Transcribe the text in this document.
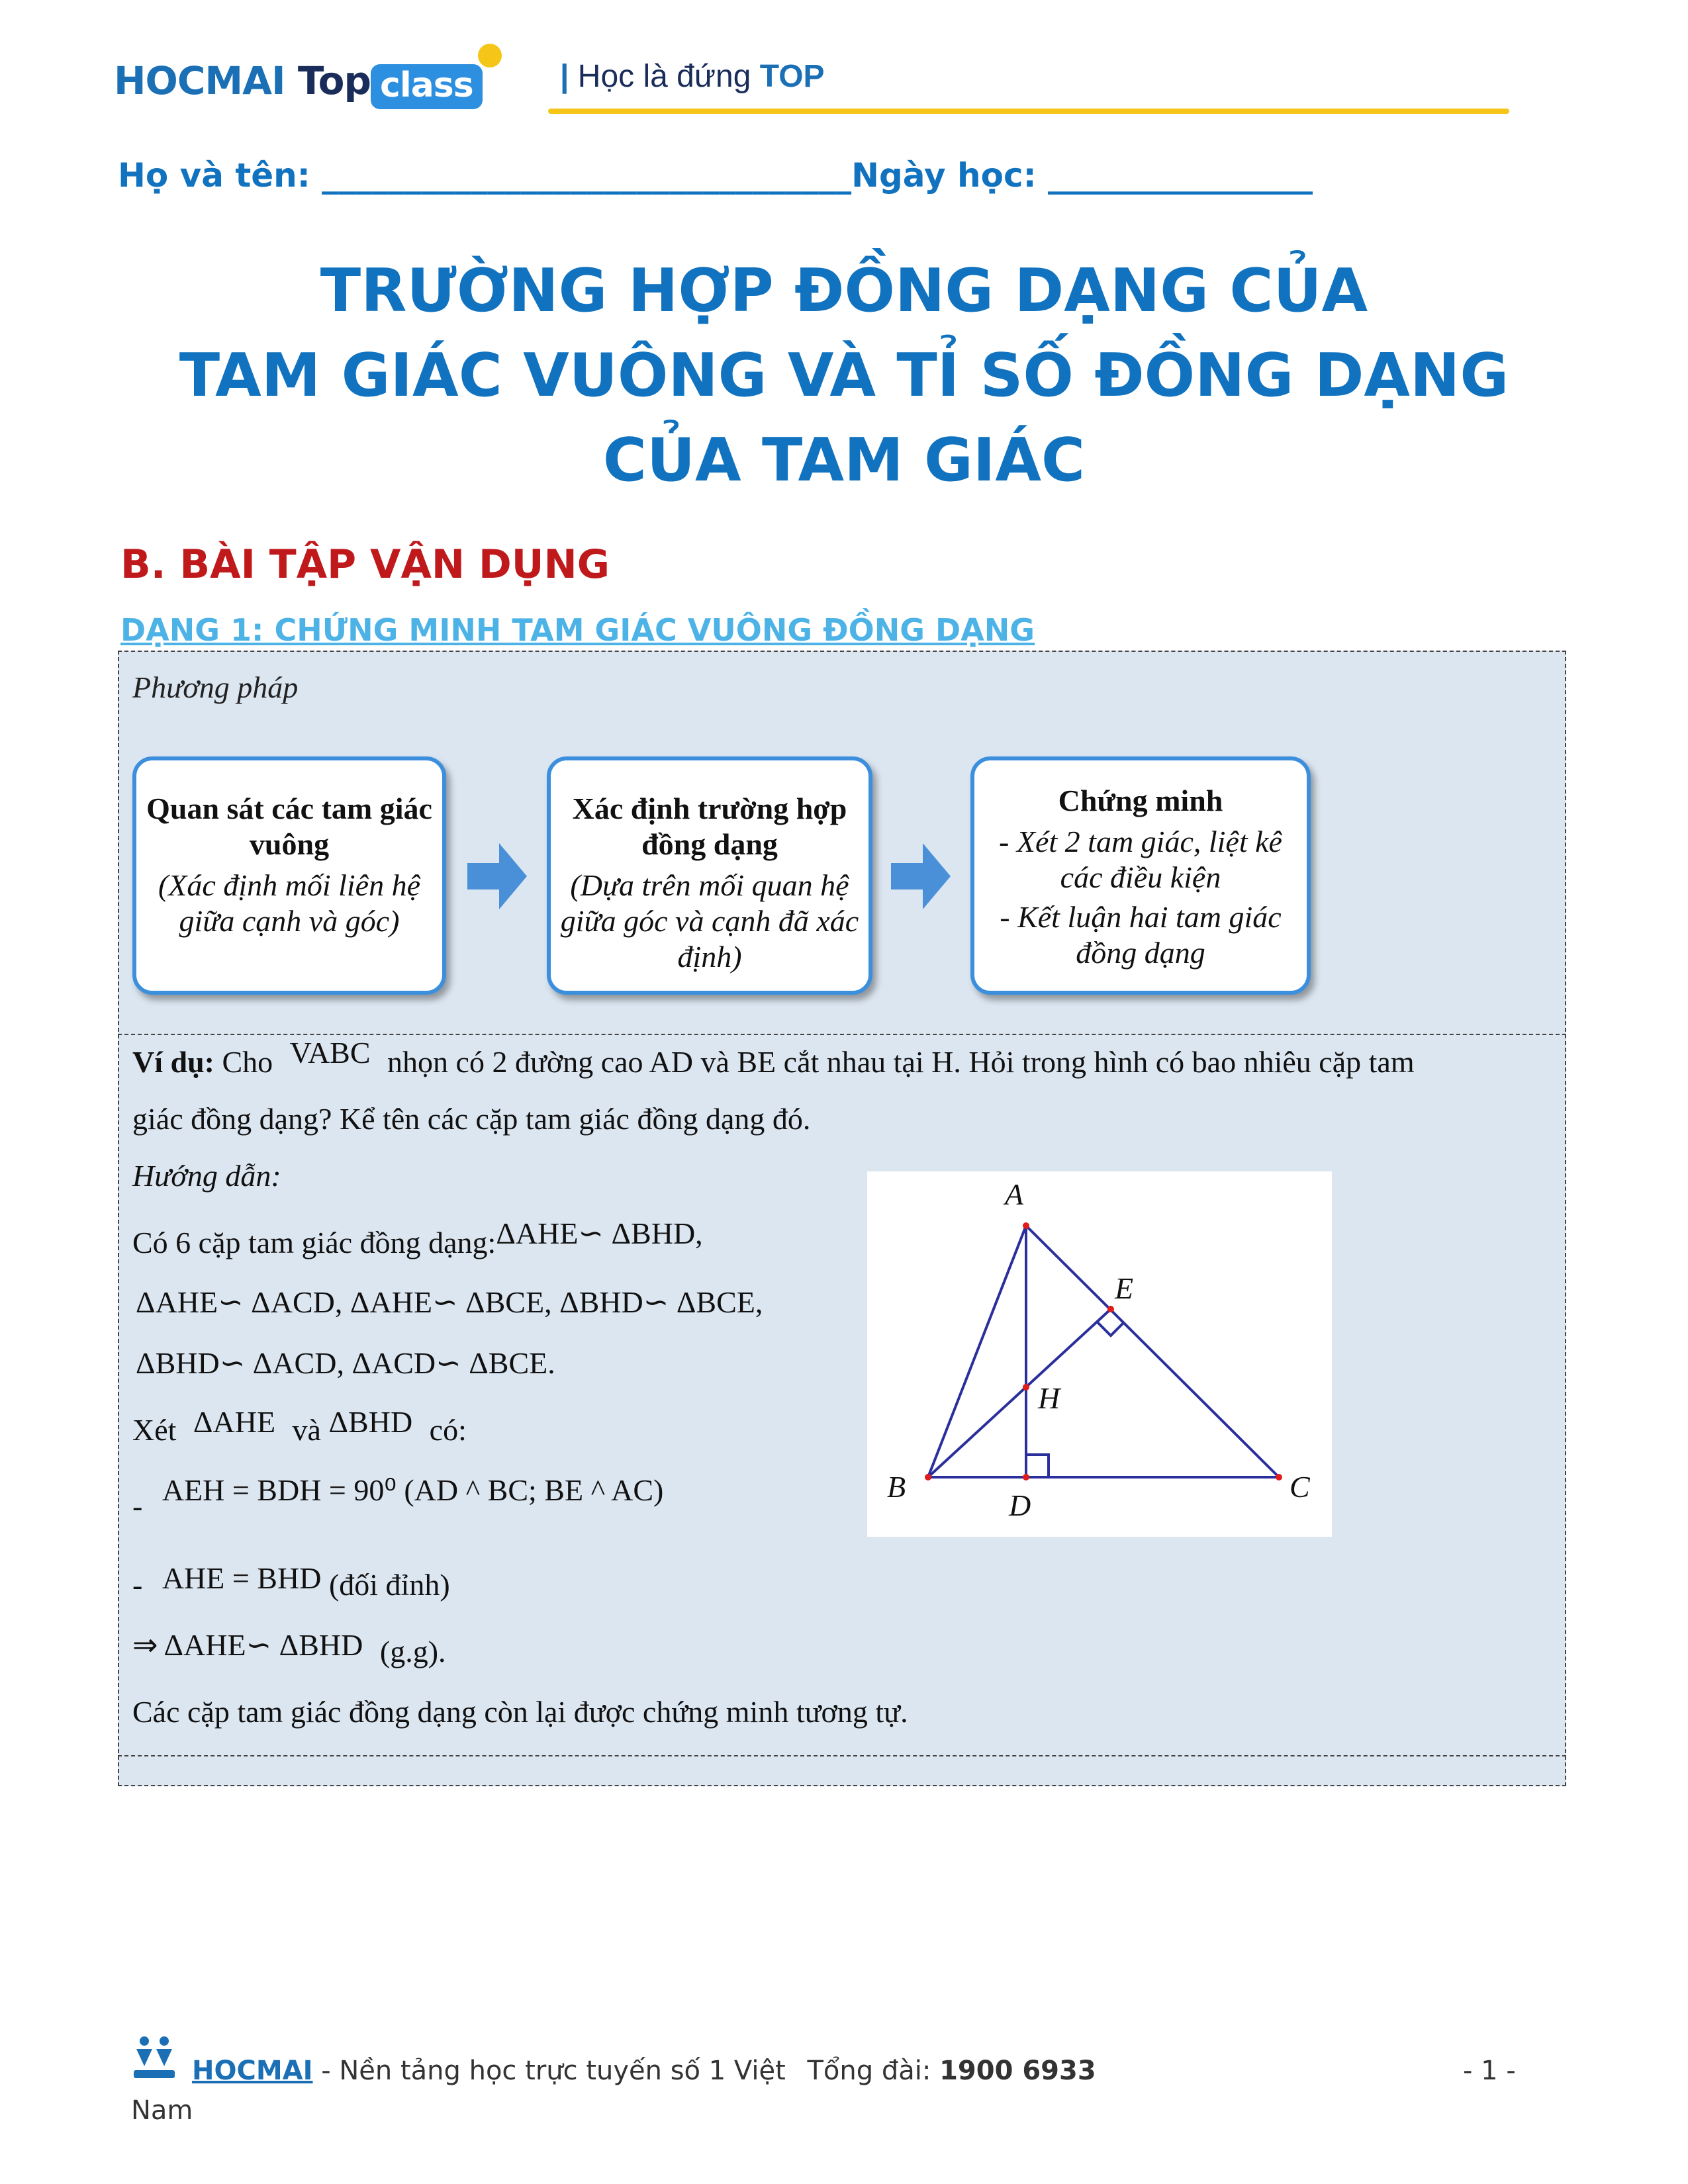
HOCMAI Top class	| Học là đứng TOP
Họ và tên: ________________________________Ngày học: ________________
TRƯỜNG HỢP ĐỒNG DẠNG CỦA
TAM GIÁC VUÔNG VÀ TỈ SỐ ĐỒNG DẠNG
CỦA TAM GIÁC
B. BÀI TẬP VẬN DỤNG
DẠNG 1: CHỨNG MINH TAM GIÁC VUÔNG ĐỒNG DẠNG
Phương pháp
Quan sát các tam giác vuông
(Xác định mối liên hệ giữa cạnh và góc)
Xác định trường hợp đồng dạng
(Dựa trên mối quan hệ giữa góc và cạnh đã xác định)
Chứng minh
- Xét 2 tam giác, liệt kê các điều kiện
- Kết luận hai tam giác đồng dạng
Ví dụ: Cho VABC nhọn có 2 đường cao AD và BE cắt nhau tại H. Hỏi trong hình có bao nhiêu cặp tam
giác đồng dạng? Kể tên các cặp tam giác đồng dạng đó.
Hướng dẫn:
Có 6 cặp tam giác đồng dạng:ΔAHE∽ ΔBHD,
ΔAHE∽ ΔACD, ΔAHE∽ ΔBCE, ΔBHD∽ ΔBCE,
ΔBHD∽ ΔACD, ΔACD∽ ΔBCE.
Xét ΔAHE và ΔBHD có:
- AEH = BDH = 90⁰ (AD ^ BC; BE ^ AC)
- AHE = BHD (đối đỉnh)
⇒ ΔAHE∽ ΔBHD (g.g).
Các cặp tam giác đồng dạng còn lại được chứng minh tương tự.
A
E
H
B
D
C
HOCMAI - Nền tảng học trực tuyến số 1 Việt Tổng đài: 1900 6933	- 1 -
Nam
